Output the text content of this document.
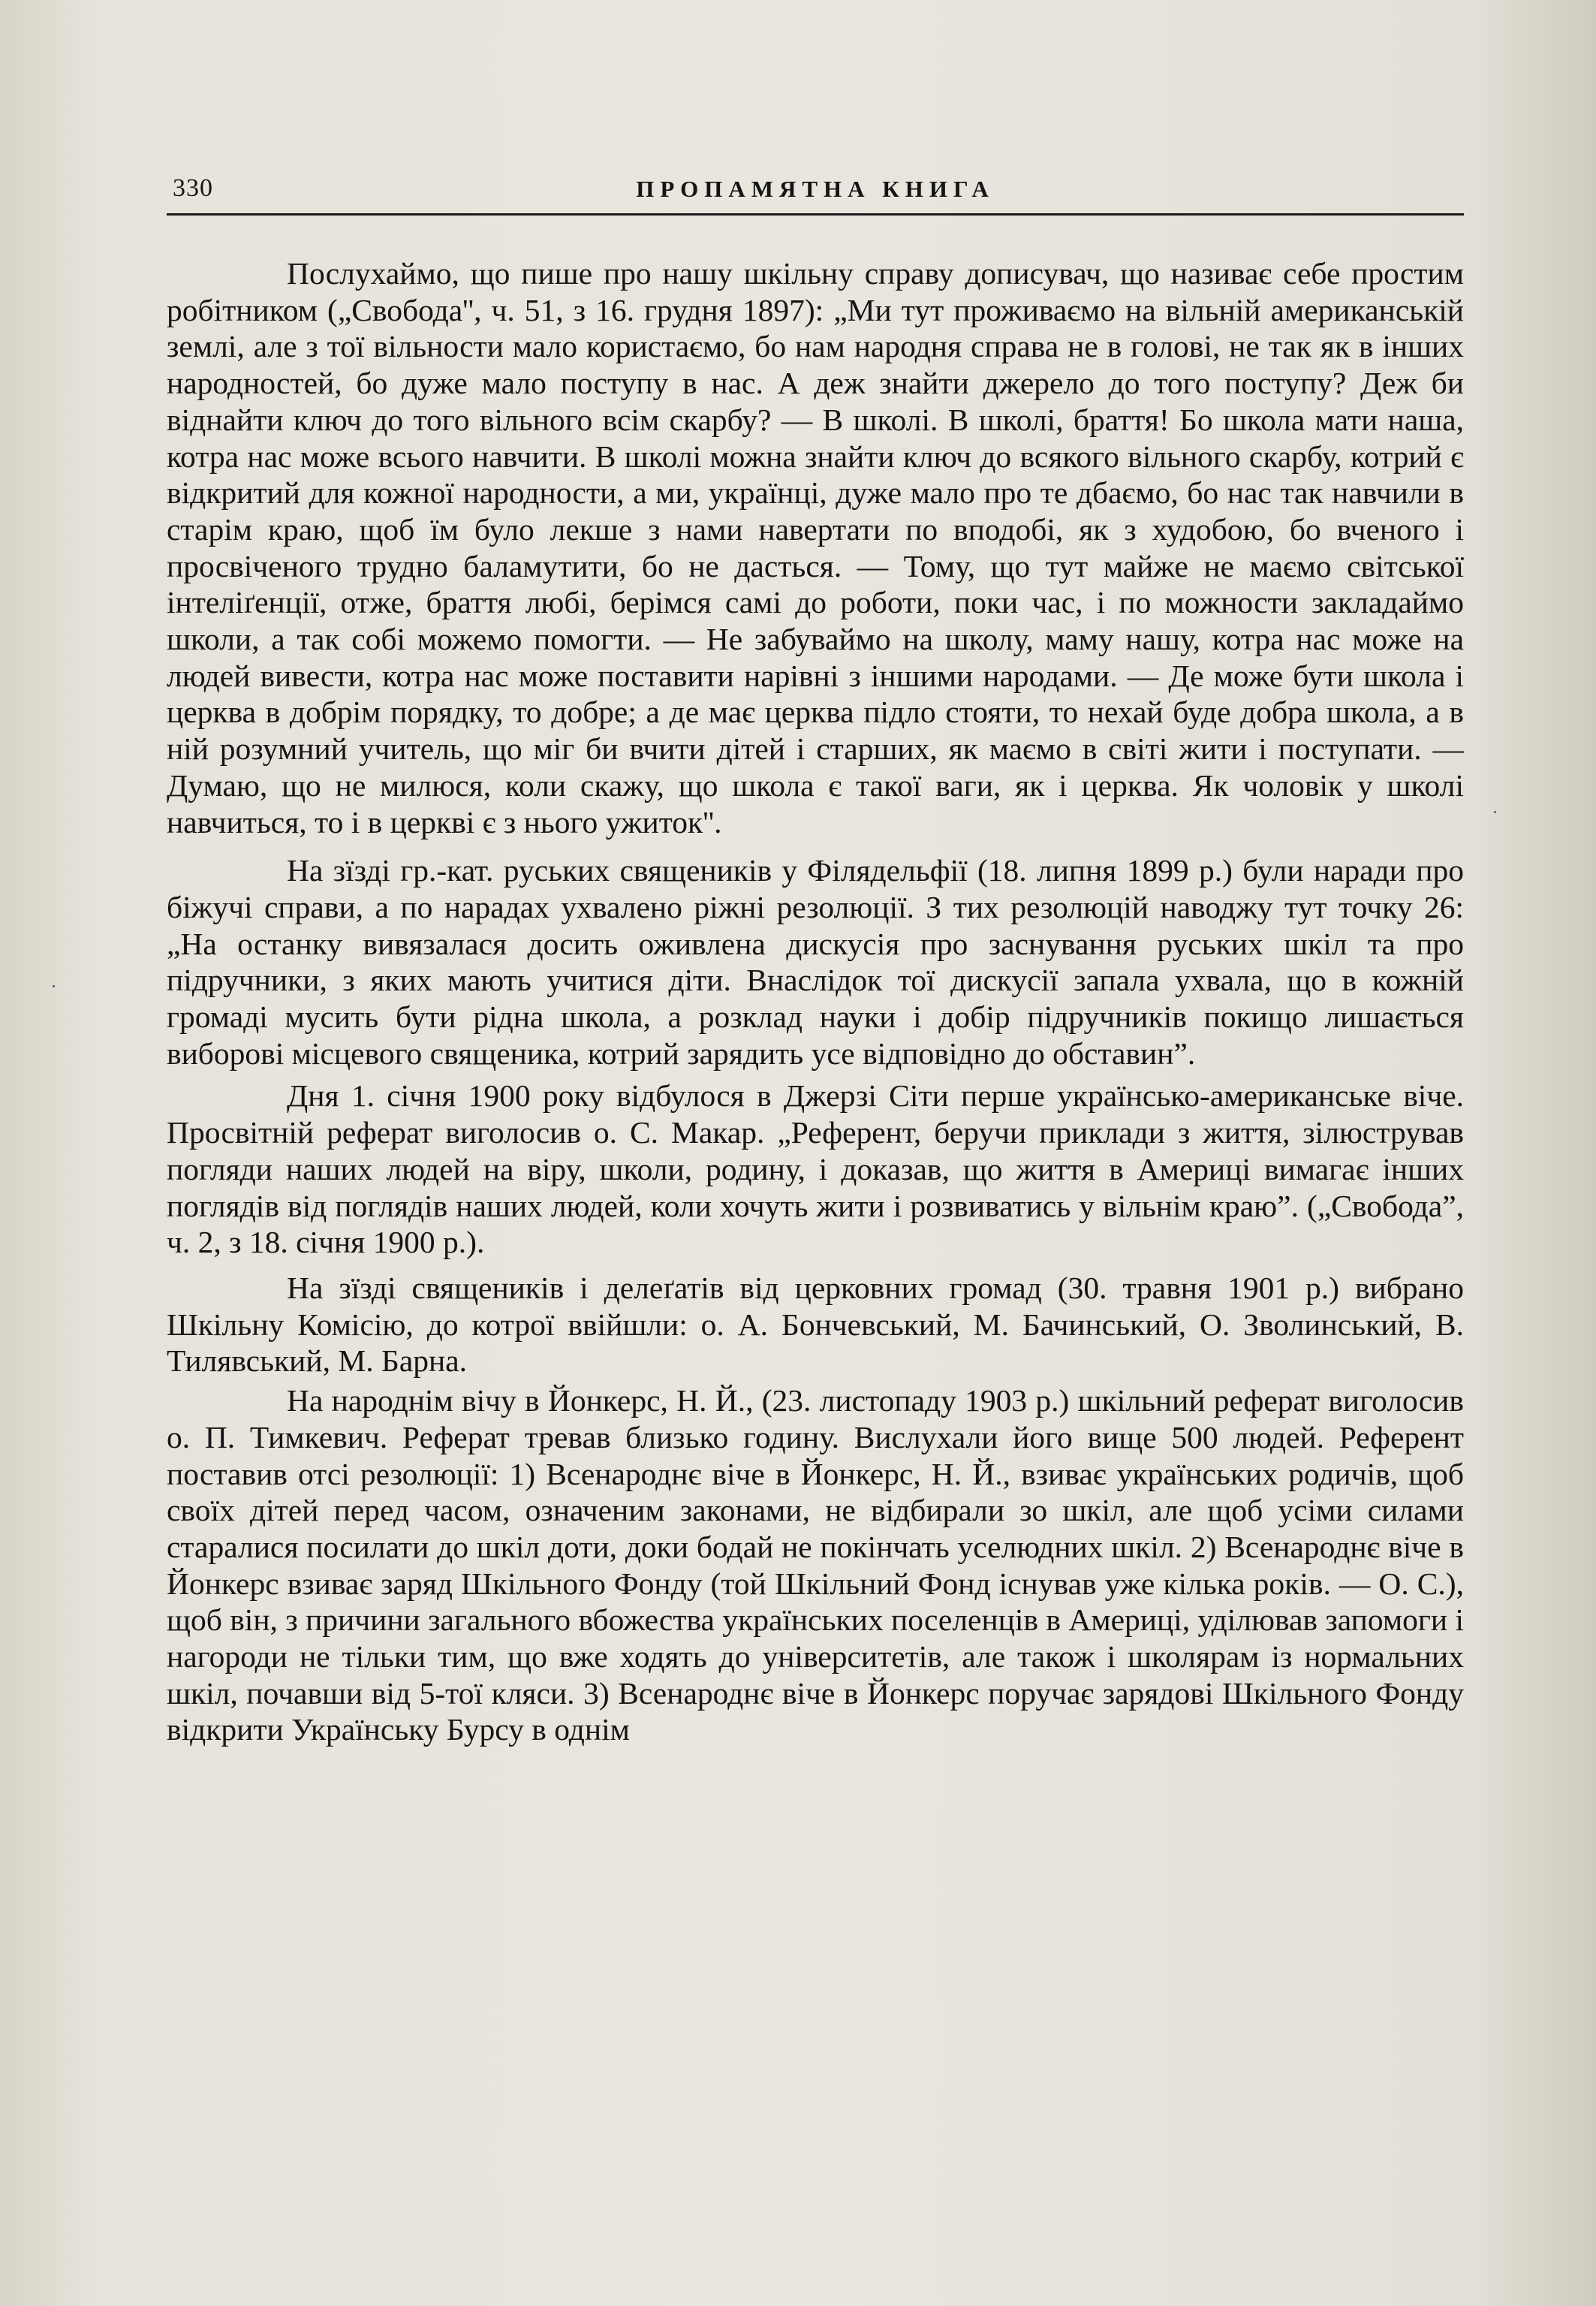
330	ПРОПАМЯТНА КНИГА

Послухаймо, що пише про нашу шкільну справу дописувач, що називає себе простим робітником („Свобода'', ч. 51, з 16. грудня 1897): „Ми тут проживаємо на вільній американській землі, але з тої вільности мало користаємо, бо нам народня справа не в голові, не так як в інших народностей, бо дуже мало поступу в нас. А деж знайти джерело до того поступу? Деж би віднайти ключ до того вільного всім скарбу? — В школі. В школі, браття! Бо школа мати наша, котра нас може всього навчити. В школі можна знайти ключ до всякого вільного скарбу, котрий є відкритий для кожної народности, а ми, українці, дуже мало про те дбаємо, бо нас так навчили в старім краю, щоб їм було лекше з нами навертати по вподобі, як з худобою, бо вченого і просвіченого трудно баламутити, бо не дасться. — Тому, що тут майже не маємо світської інтеліґенції, отже, браття любі, берімся самі до роботи, поки час, і по можности закладаймо школи, а так собі можемо помогти. — Не забуваймо на школу, маму нашу, котра нас може на людей вивести, котра нас може поставити нарівні з іншими народами. — Де може бути школа і церква в добрім порядку, то добре; а де має церква підло стояти, то нехай буде добра школа, а в ній розумний учитель, що міг би вчити дітей і старших, як маємо в світі жити і поступати. — Думаю, що не милюся, коли скажу, що школа є такої ваги, як і церква. Як чоловік у школі навчиться, то і в церкві є з нього ужиток''.

На зїзді гр.-кат. руських священиків у Філядельфії (18. липня 1899 р.) були наради про біжучі справи, а по нарадах ухвалено ріжні резолюції. З тих резолюцій наводжу тут точку 26: „На останку вивязалася досить оживлена дискусія про заснування руських шкіл та про підручники, з яких мають учитися діти. Внаслідок тої дискусії запала ухвала, що в кожній громаді мусить бути рідна школа, а розклад науки і добір підручників покищо лишається виборові місцевого священика, котрий зарядить усе відповідно до обставин”.

Дня 1. січня 1900 року відбулося в Джерзі Сіти перше українсько-американське віче. Просвітній реферат виголосив о. С. Макар. „Референт, беручи приклади з життя, зілюстрував погляди наших людей на віру, школи, родину, і доказав, що життя в Америці вимагає інших поглядів від поглядів наших людей, коли хочуть жити і розвиватись у вільнім краю”. („Свобода”, ч. 2, з 18. січня 1900 р.).

На зїзді священиків і делеґатів від церковних громад (30. травня 1901 р.) вибрано Шкільну Комісію, до котрої ввійшли: о. А. Бончевський, М. Бачинський, О. Зволинський, В. Тилявський, М. Барна.

На народнім вічу в Йонкерс, Н. Й., (23. листопаду 1903 р.) шкільний реферат виголосив о. П. Тимкевич. Реферат тревав близько годину. Вислухали його вище 500 людей. Референт поставив отсі резолюції: 1) Всенароднє віче в Йонкерс, Н. Й., взиває українських родичів, щоб своїх дітей перед часом, означеним законами, не відбирали зо шкіл, але щоб усіми силами старалися посилати до шкіл доти, доки бодай не покінчать уселюдних шкіл. 2) Всенароднє віче в Йонкерс взиває заряд Шкільного Фонду (той Шкільний Фонд існував уже кілька років. — О. С.), щоб він, з причини загального вбожества українських поселенців в Америці, уділював запомоги і нагороди не тільки тим, що вже ходять до університетів, але також і школярам із нормальних шкіл, почавши від 5-тої кляси. 3) Всенароднє віче в Йонкерс поручає зарядові Шкільного Фонду відкрити Українську Бурсу в однім
